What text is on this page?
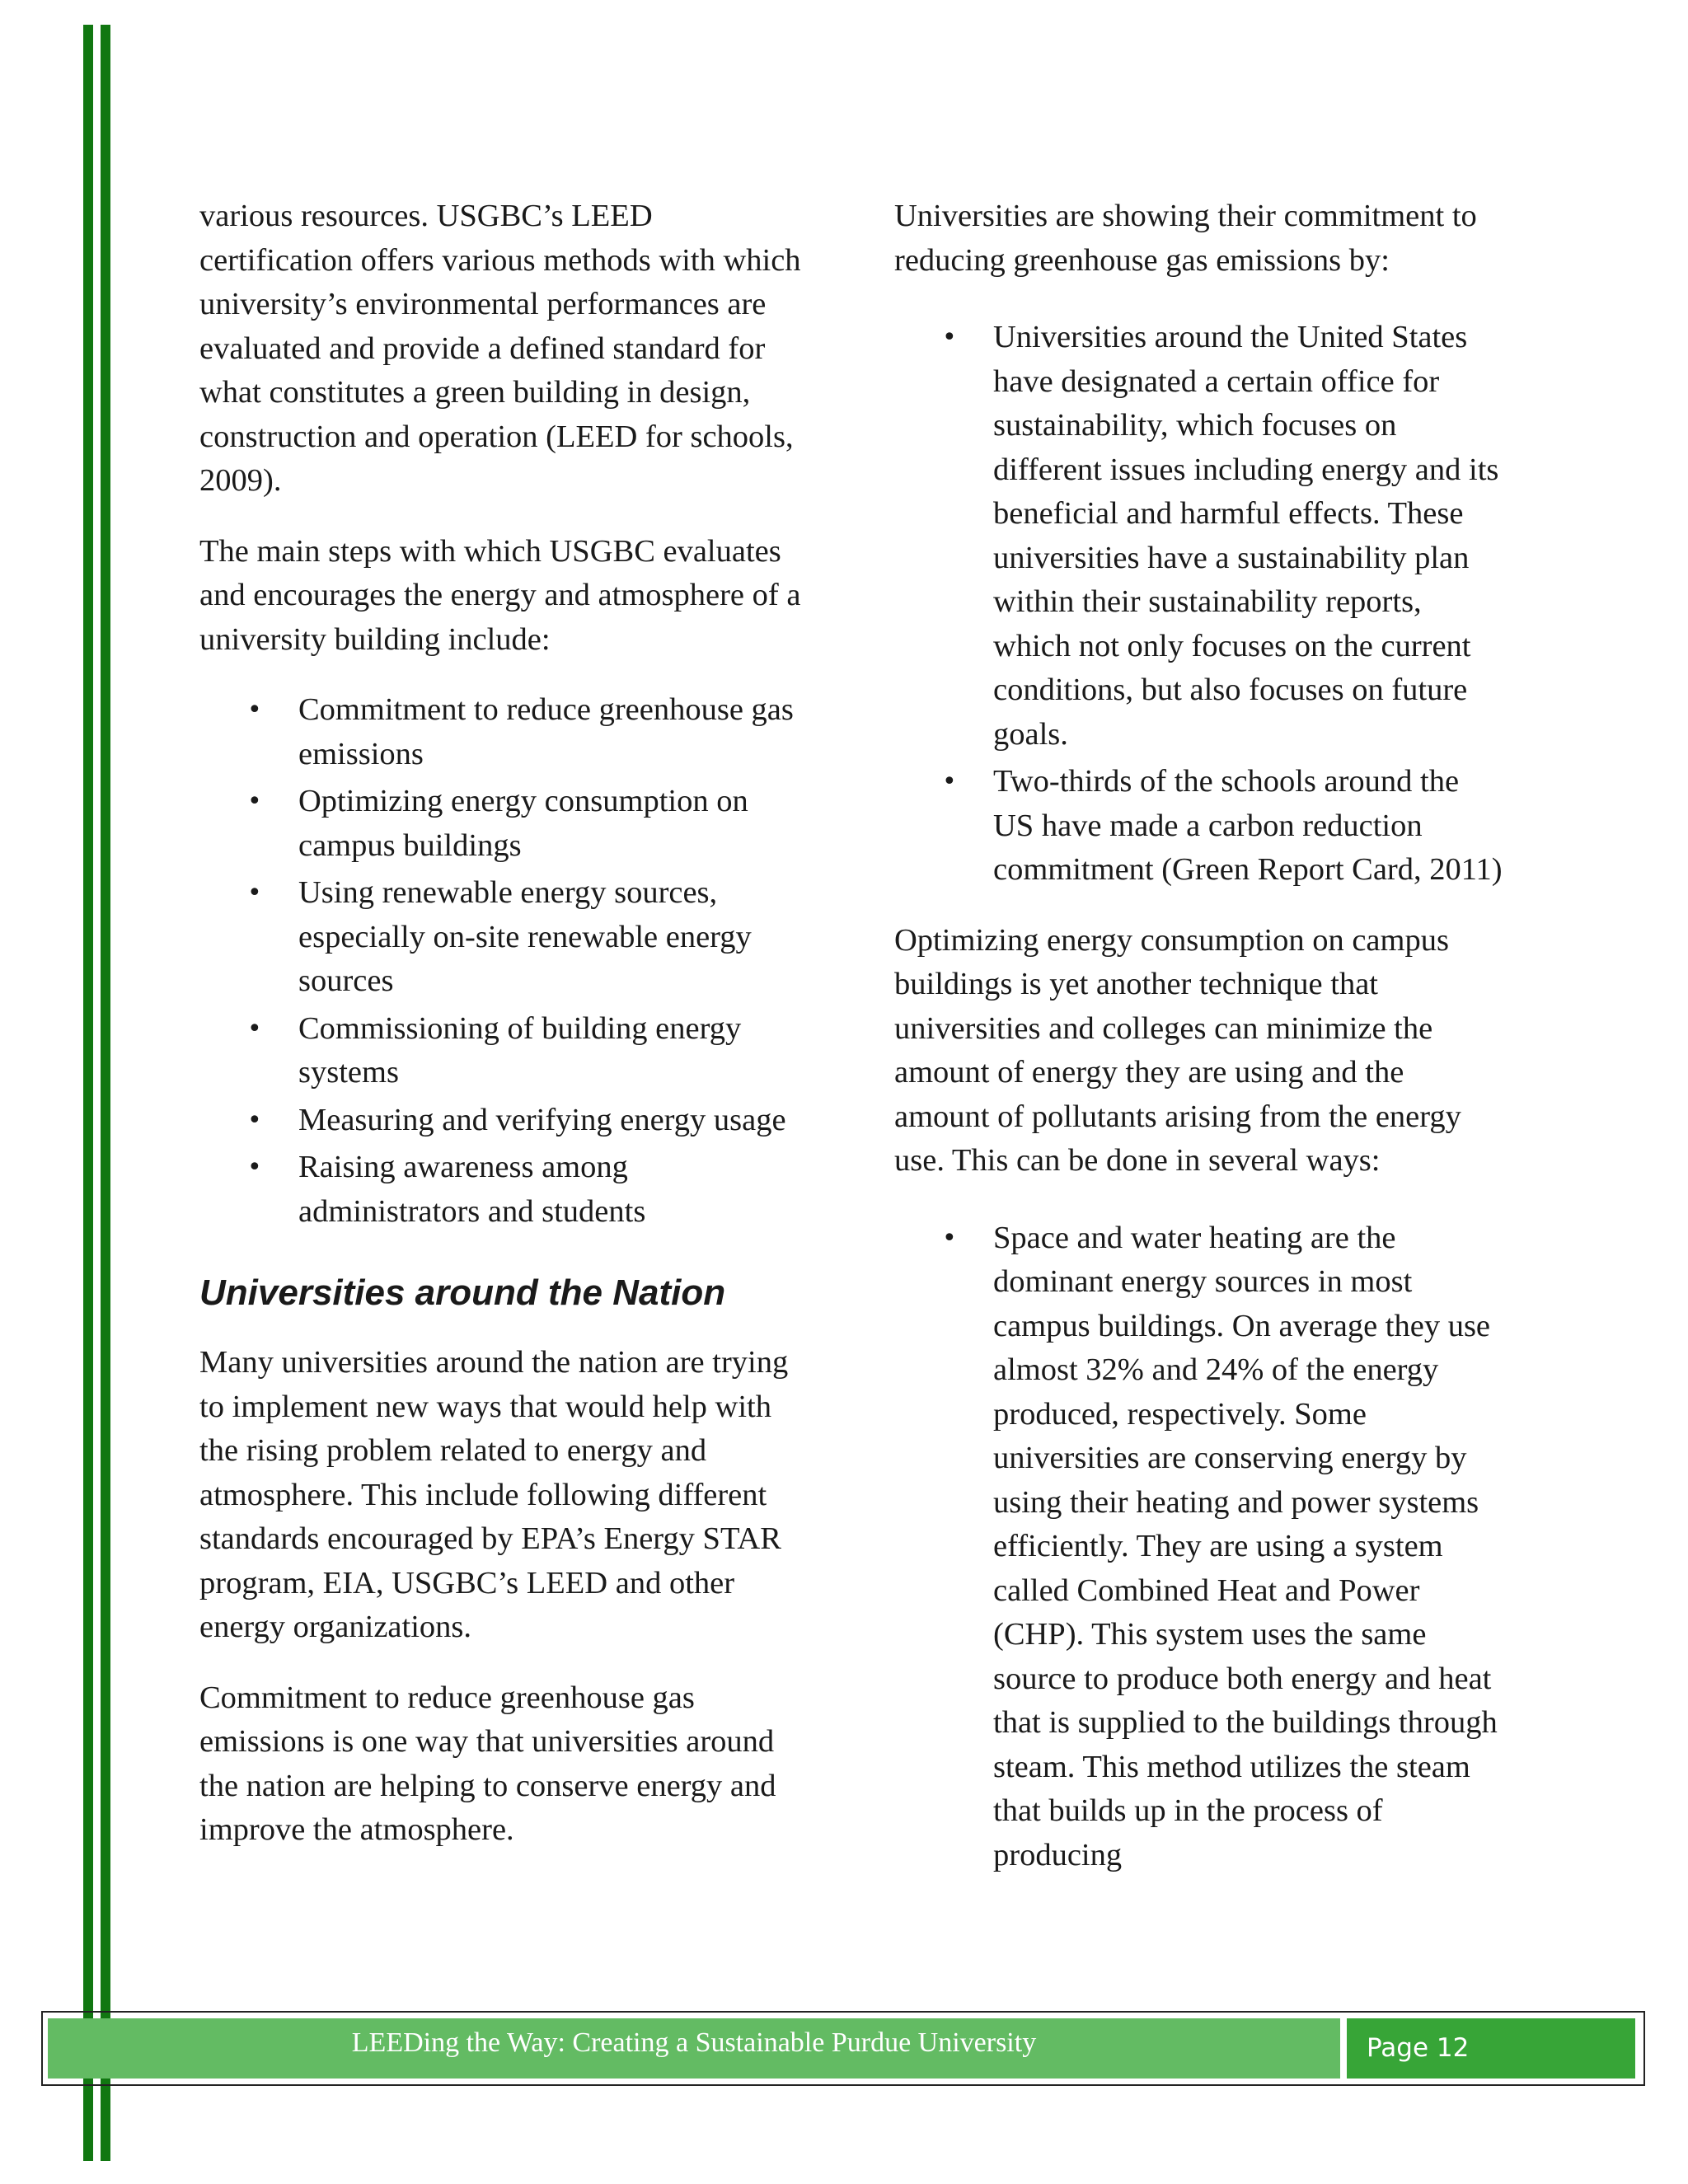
various resources. USGBC’s LEED certification offers various methods with which university’s environmental performances are evaluated and provide a defined standard for what constitutes a green building in design, construction and operation (LEED for schools, 2009).

The main steps with which USGBC evaluates and encourages the energy and atmosphere of a university building include:

• Commitment to reduce greenhouse gas emissions
• Optimizing energy consumption on campus buildings
• Using renewable energy sources, especially on-site renewable energy sources
• Commissioning of building energy systems
• Measuring and verifying energy usage
• Raising awareness among administrators and students
Universities around the Nation

Many universities around the nation are trying to implement new ways that would help with the rising problem related to energy and atmosphere. This include following different standards encouraged by EPA’s Energy STAR program, EIA, USGBC’s LEED and other energy organizations.

Commitment to reduce greenhouse gas emissions is one way that universities around the nation are helping to conserve energy and improve the atmosphere.

Universities are showing their commitment to reducing greenhouse gas emissions by:

• Universities around the United States have designated a certain office for sustainability, which focuses on different issues including energy and its beneficial and harmful effects. These universities have a sustainability plan within their sustainability reports, which not only focuses on the current conditions, but also focuses on future goals.
• Two-thirds of the schools around the US have made a carbon reduction commitment (Green Report Card, 2011)

Optimizing energy consumption on campus buildings is yet another technique that universities and colleges can minimize the amount of energy they are using and the amount of pollutants arising from the energy use. This can be done in several ways:

• Space and water heating are the dominant energy sources in most campus buildings. On average they use almost 32% and 24% of the energy produced, respectively. Some universities are conserving energy by using their heating and power systems efficiently. They are using a system called Combined Heat and Power (CHP). This system uses the same source to produce both energy and heat that is supplied to the buildings through steam. This method utilizes the steam that builds up in the process of producing
LEEDing the Way: Creating a Sustainable Purdue University	Page 12
